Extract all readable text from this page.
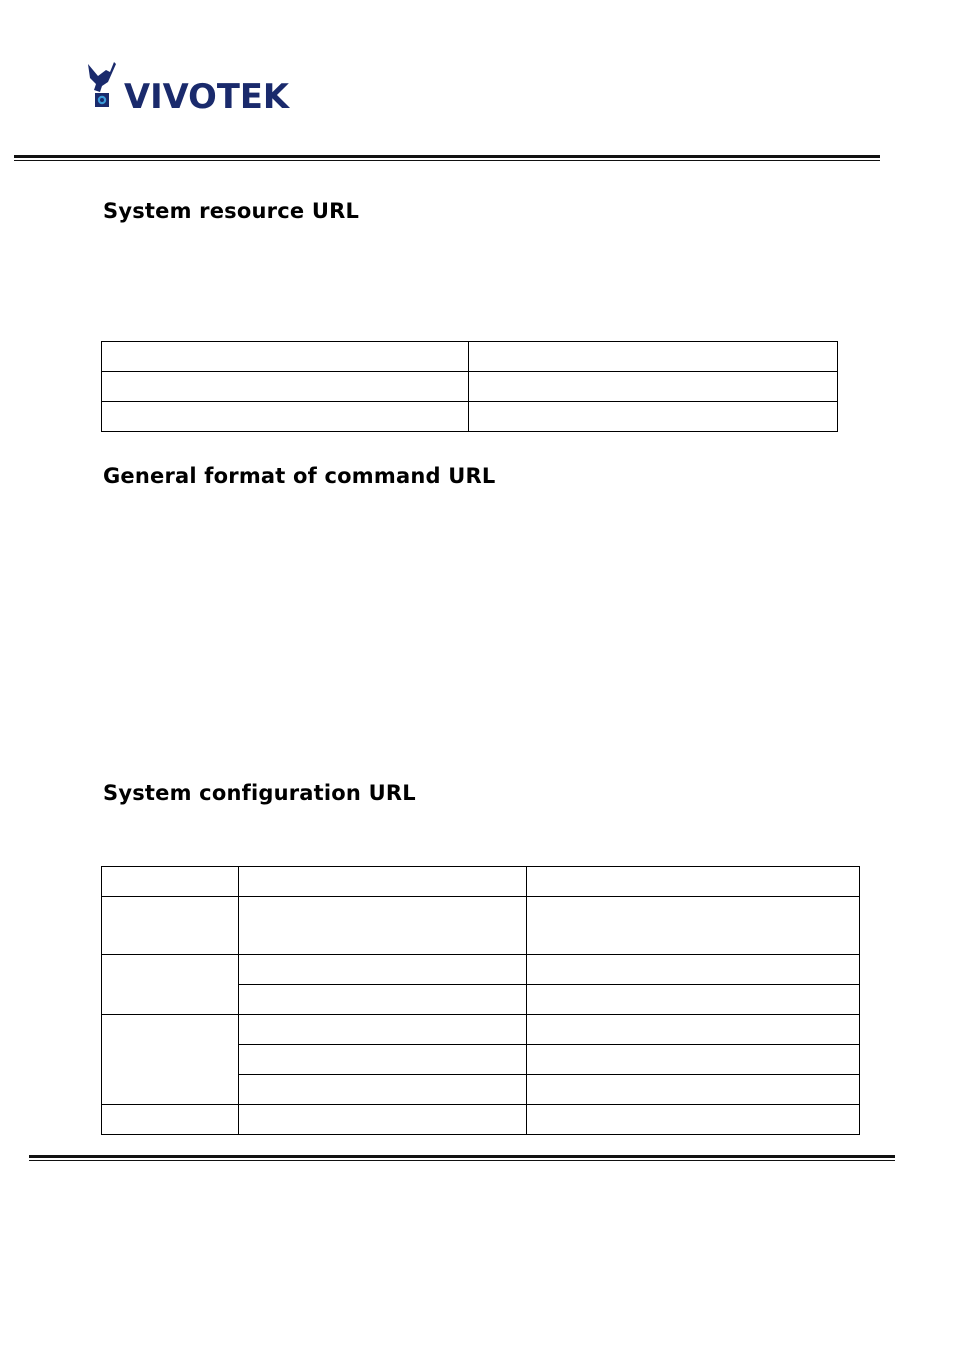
VIVOTEK
System resource URL

General format of command URL
System configuration URL
